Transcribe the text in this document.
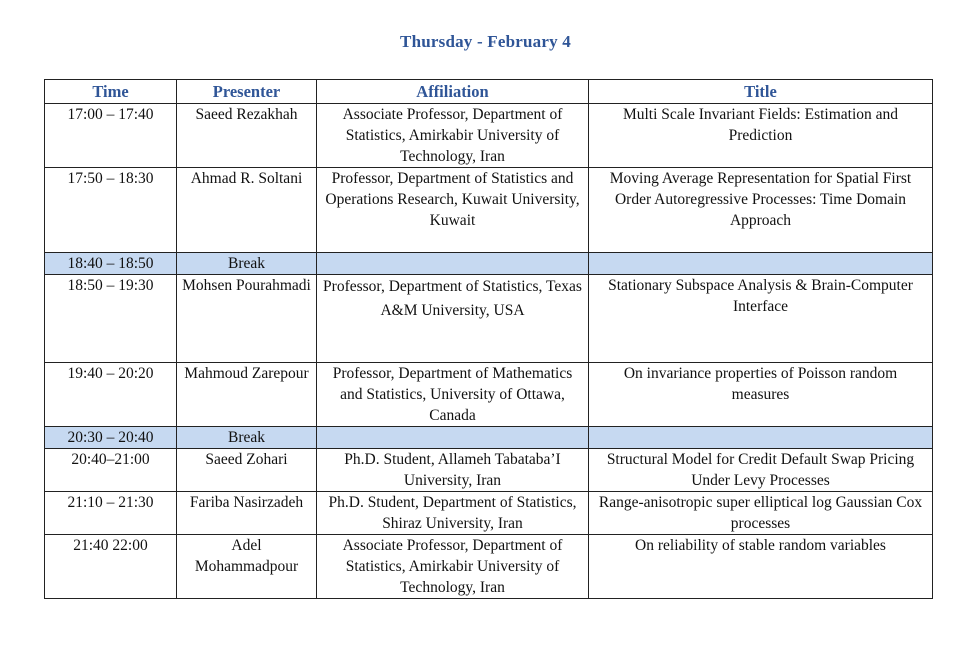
Thursday - February 4
Time	Presenter	Affiliation	Title
17:00 – 17:40	Saeed Rezakhah	Associate Professor, Department of Statistics, Amirkabir University of Technology, Iran	Multi Scale Invariant Fields: Estimation and Prediction
17:50 – 18:30	Ahmad R. Soltani	Professor, Department of Statistics and Operations Research, Kuwait University, Kuwait	Moving Average Representation for Spatial First Order Autoregressive Processes: Time Domain Approach
18:40 – 18:50	Break		
18:50 – 19:30	Mohsen Pourahmadi	Professor, Department of Statistics, Texas A&M University, USA	Stationary Subspace Analysis & Brain-Computer Interface
19:40 – 20:20	Mahmoud Zarepour	Professor, Department of Mathematics and Statistics, University of Ottawa, Canada	On invariance properties of Poisson random measures
20:30 – 20:40	Break		
20:40–21:00	Saeed Zohari	Ph.D. Student, Allameh Tabataba’I University, Iran	Structural Model for Credit Default Swap Pricing Under Levy Processes
21:10 – 21:30	Fariba Nasirzadeh	Ph.D. Student, Department of Statistics, Shiraz University, Iran	Range-anisotropic super elliptical log Gaussian Cox processes
21:40 22:00	Adel Mohammadpour	Associate Professor, Department of Statistics, Amirkabir University of Technology, Iran	On reliability of stable random variables
